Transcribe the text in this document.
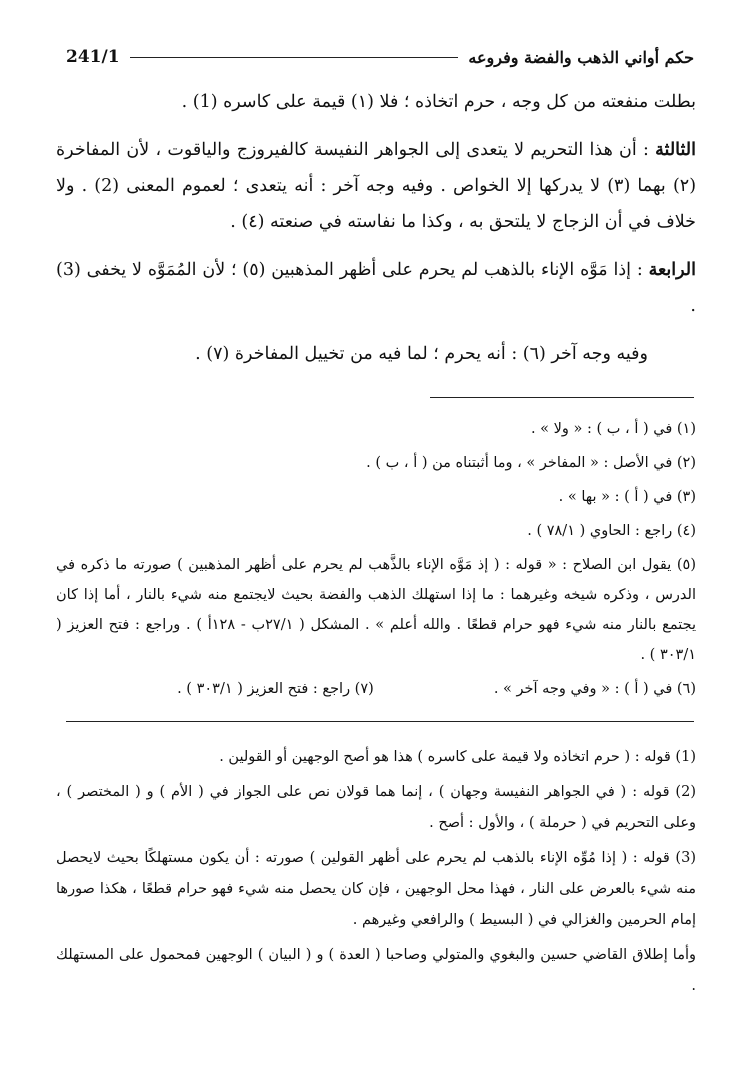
حكم أواني الذهب والفضة وفروعه
241/1

بطلت منفعته من كل وجه ، حرم اتخاذه ؛ فلا (١) قيمة على كاسره (1) .

الثالثة : أن هذا التحريم لا يتعدى إلى الجواهر النفيسة كالفيروزج والياقوت ، لأن المفاخرة (٢) بهما (٣) لا يدركها إلا الخواص . وفيه وجه آخر : أنه يتعدى ؛ لعموم المعنى (2) . ولا خلاف في أن الزجاج لا يلتحق به ، وكذا ما نفاسته في صنعته (٤) .

الرابعة : إذا مَوَّه الإناء بالذهب لم يحرم على أظهر المذهبين (٥) ؛ لأن المُمَوَّه لا يخفى (3) .

وفيه وجه آخر (٦) : أنه يحرم ؛ لما فيه من تخييل المفاخرة (٧) .

(١) في ( أ ، ب ) : « ولا » .

(٢) في الأصل : « المفاخر » ، وما أثبتناه من ( أ ، ب ) .

(٣) في ( أ ) : « بها » .

(٤) راجع : الحاوي ( ٧٨/١ ) .

(٥) يقول ابن الصلاح : « قوله : ( إذ مَوَّه الإناء بالذَّهب لم يحرم على أظهر المذهبين ) صورته ما ذكره في الدرس ، وذكره شيخه وغيرهما : ما إذا استهلك الذهب والفضة بحيث لايجتمع منه شيء بالنار ، أما إذا كان يجتمع بالنار منه شيء فهو حرام قطعًا . والله أعلم » . المشكل ( ٢٧/١ب - ١٢٨أ ) . وراجع : فتح العزيز ( ٣٠٣/١ ) .

(٦) في ( أ ) : « وفي وجه آخر » .
(٧) راجع : فتح العزيز ( ٣٠٣/١ ) .

(1) قوله : ( حرم اتخاذه ولا قيمة على كاسره ) هذا هو أصح الوجهين أو القولين .

(2) قوله : ( في الجواهر النفيسة وجهان ) ، إنما هما قولان نص على الجواز في ( الأم ) و ( المختصر ) ، وعلى التحريم في ( حرملة ) ، والأول : أصح .

(3) قوله : ( إذا مُوِّه الإناء بالذهب لم يحرم على أظهر القولين ) صورته : أن يكون مستهلكًا بحيث لايحصل منه شيء بالعرض على النار ، فهذا محل الوجهين ، فإن كان يحصل منه شيء فهو حرام قطعًا ، هكذا صورها إمام الحرمين والغزالي في ( البسيط ) والرافعي وغيرهم .

وأما إطلاق القاضي حسين والبغوي والمتولي وصاحبا ( العدة ) و ( البيان ) الوجهين فمحمول على المستهلك .
